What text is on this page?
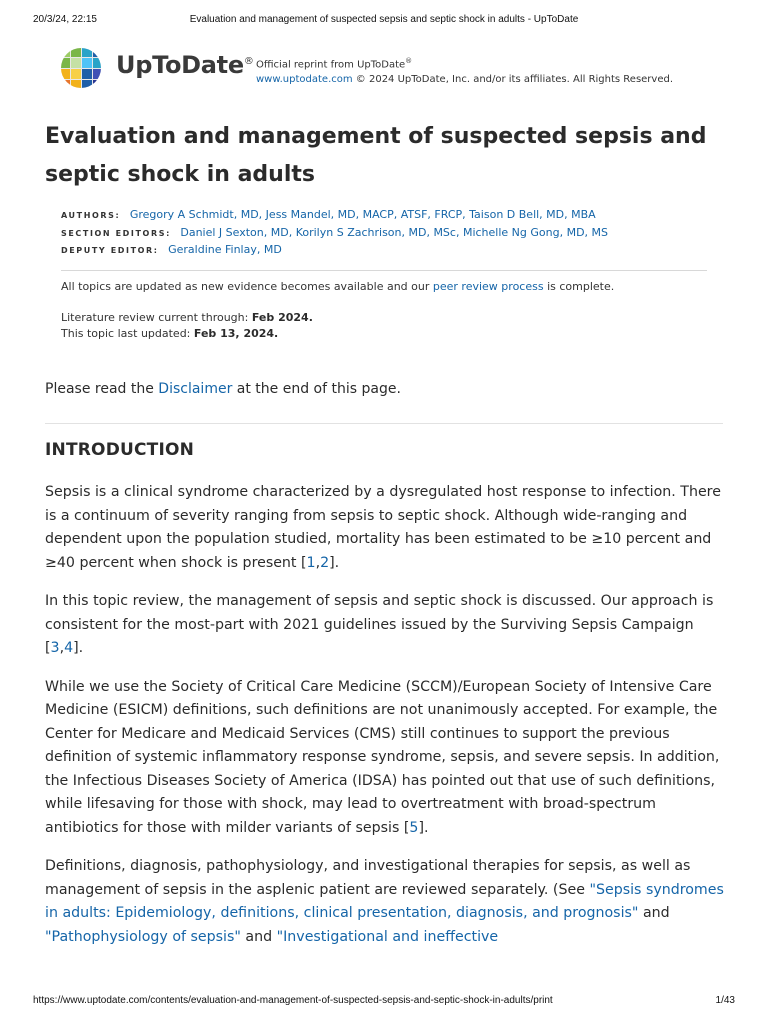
20/3/24, 22:15	Evaluation and management of suspected sepsis and septic shock in adults - UpToDate
UpToDate® Official reprint from UpToDate®
www.uptodate.com © 2024 UpToDate, Inc. and/or its affiliates. All Rights Reserved.
Evaluation and management of suspected sepsis and septic shock in adults
AUTHORS: Gregory A Schmidt, MD, Jess Mandel, MD, MACP, ATSF, FRCP, Taison D Bell, MD, MBA
SECTION EDITORS: Daniel J Sexton, MD, Korilyn S Zachrison, MD, MSc, Michelle Ng Gong, MD, MS
DEPUTY EDITOR: Geraldine Finlay, MD
All topics are updated as new evidence becomes available and our peer review process is complete.
Literature review current through: Feb 2024.
This topic last updated: Feb 13, 2024.
Please read the Disclaimer at the end of this page.
INTRODUCTION

Sepsis is a clinical syndrome characterized by a dysregulated host response to infection. There is a continuum of severity ranging from sepsis to septic shock. Although wide-ranging and dependent upon the population studied, mortality has been estimated to be ≥10 percent and ≥40 percent when shock is present [1,2].

In this topic review, the management of sepsis and septic shock is discussed. Our approach is consistent for the most-part with 2021 guidelines issued by the Surviving Sepsis Campaign [3,4].

While we use the Society of Critical Care Medicine (SCCM)/European Society of Intensive Care Medicine (ESICM) definitions, such definitions are not unanimously accepted. For example, the Center for Medicare and Medicaid Services (CMS) still continues to support the previous definition of systemic inflammatory response syndrome, sepsis, and severe sepsis. In addition, the Infectious Diseases Society of America (IDSA) has pointed out that use of such definitions, while lifesaving for those with shock, may lead to overtreatment with broad-spectrum antibiotics for those with milder variants of sepsis [5].

Definitions, diagnosis, pathophysiology, and investigational therapies for sepsis, as well as management of sepsis in the asplenic patient are reviewed separately. (See "Sepsis syndromes in adults: Epidemiology, definitions, clinical presentation, diagnosis, and prognosis" and "Pathophysiology of sepsis" and "Investigational and ineffective

https://www.uptodate.com/contents/evaluation-and-management-of-suspected-sepsis-and-septic-shock-in-adults/print	1/43
